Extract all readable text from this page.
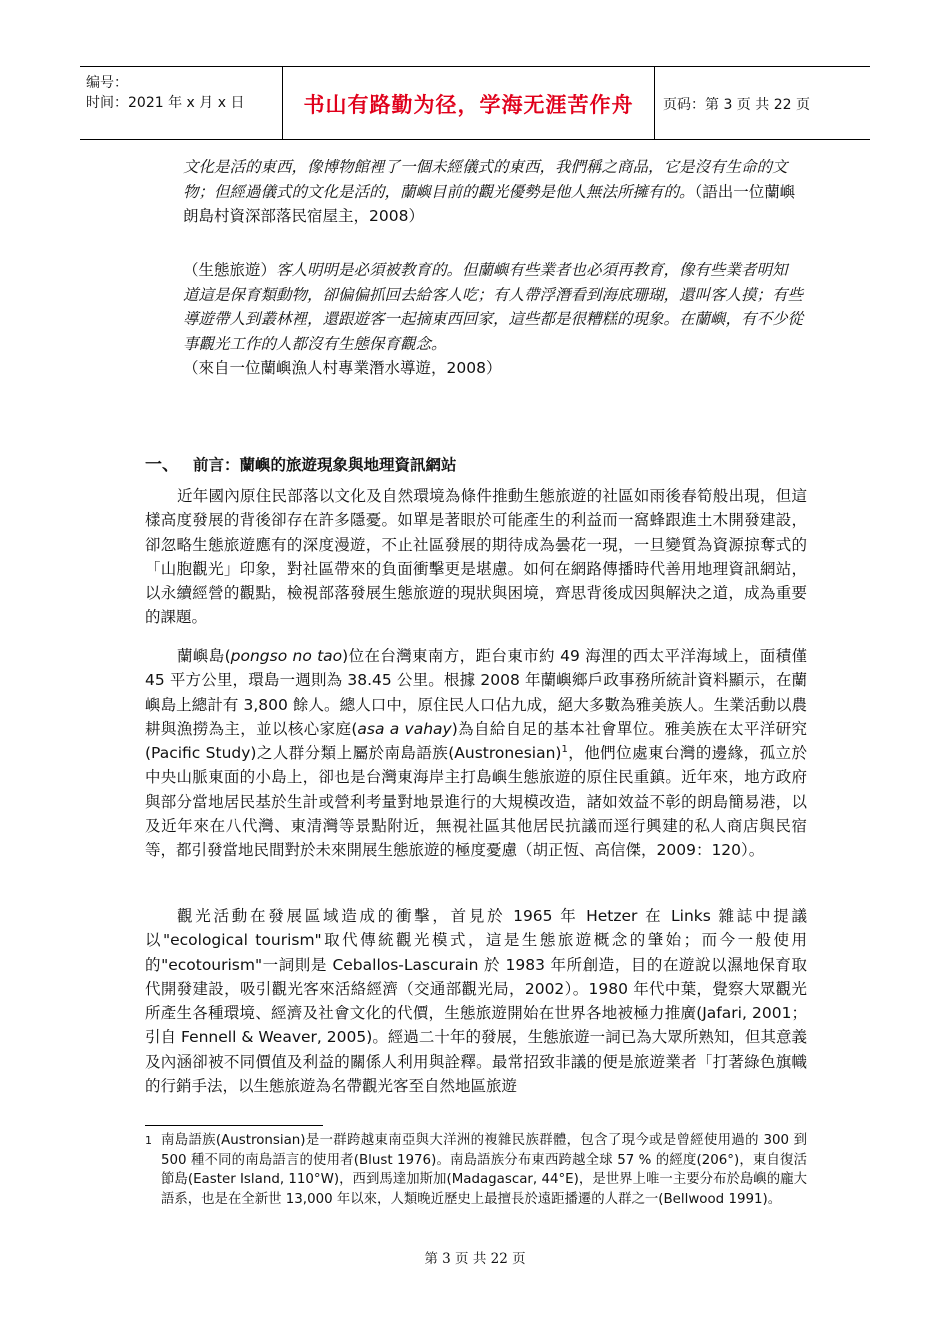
编号：
时间：2021 年 x 月 x 日	书山有路勤为径，学海无涯苦作舟	页码：第 3 页 共 22 页
文化是活的東西，像博物館裡了一個未經儀式的東西，我們稱之商品，它是沒有生命的文物；但經過儀式的文化是活的，蘭嶼目前的觀光優勢是他人無法所擁有的。（語出一位蘭嶼朗島村資深部落民宿屋主，2008）
（生態旅遊）客人明明是必須被教育的。但蘭嶼有些業者也必須再教育，像有些業者明知道這是保育類動物，卻偏偏抓回去給客人吃；有人帶浮潛看到海底珊瑚，還叫客人摸；有些導遊帶人到叢林裡，還跟遊客一起摘東西回家，這些都是很糟糕的現象。在蘭嶼，有不少從事觀光工作的人都沒有生態保育觀念。
（來自一位蘭嶼漁人村專業潛水導遊，2008）
一、 前言：蘭嶼的旅遊現象與地理資訊網站

近年國內原住民部落以文化及自然環境為條件推動生態旅遊的社區如雨後春筍般出現，但這樣高度發展的背後卻存在許多隱憂。如單是著眼於可能產生的利益而一窩蜂跟進土木開發建設，卻忽略生態旅遊應有的深度漫遊，不止社區發展的期待成為曇花一現，一旦變質為資源掠奪式的「山胞觀光」印象，對社區帶來的負面衝擊更是堪慮。如何在網路傳播時代善用地理資訊網站，以永續經營的觀點，檢視部落發展生態旅遊的現狀與困境，齊思背後成因與解決之道，成為重要的課題。

蘭嶼島(pongso no tao)位在台灣東南方，距台東市約 49 海浬的西太平洋海域上，面積僅 45 平方公里，環島一週則為 38.45 公里。根據 2008 年蘭嶼鄉戶政事務所統計資料顯示，在蘭嶼島上總計有 3,800 餘人。總人口中，原住民人口佔九成，絕大多數為雅美族人。生業活動以農耕與漁撈為主，並以核心家庭(asa a vahay)為自給自足的基本社會單位。雅美族在太平洋研究(Pacific Study)之人群分類上屬於南島語族(Austronesian)$^1$，他們位處東台灣的邊緣，孤立於中央山脈東面的小島上，卻也是台灣東海岸主打島嶼生態旅遊的原住民重鎮。近年來，地方政府與部分當地居民基於生計或營利考量對地景進行的大規模改造，諸如效益不彰的朗島簡易港，以及近年來在八代灣、東清灣等景點附近，無視社區其他居民抗議而逕行興建的私人商店與民宿等，都引發當地民間對於未來開展生態旅遊的極度憂慮（胡正恆、高信傑，2009：120）。

觀光活動在發展區域造成的衝擊，首見於 1965 年 Hetzer 在 Links 雜誌中提議以"ecological tourism"取代傳統觀光模式，這是生態旅遊概念的肇始；而今一般使用的"ecotourism"一詞則是 Ceballos-Lascurain 於 1983 年所創造，目的在遊說以濕地保育取代開發建設，吸引觀光客來活絡經濟（交通部觀光局，2002）。1980 年代中葉，覺察大眾觀光所產生各種環境、經濟及社會文化的代價，生態旅遊開始在世界各地被極力推廣(Jafari, 2001；引自 Fennell & Weaver, 2005)。經過二十年的發展，生態旅遊一詞已為大眾所熟知，但其意義及內涵卻被不同價值及利益的關係人利用與詮釋。最常招致非議的便是旅遊業者「打著綠色旗幟的行銷手法，以生態旅遊為名帶觀光客至自然地區旅遊

1 南島語族(Austronsian)是一群跨越東南亞與大洋洲的複雜民族群體，包含了現今或是曾經使用過的 300 到 500 種不同的南島語言的使用者(Blust 1976)。南島語族分布東西跨越全球 57 % 的經度(206°)，東自復活節島(Easter Island, 110°W)，西到馬達加斯加(Madagascar, 44°E)，是世界上唯一主要分布於島嶼的龐大語系，也是在全新世 13,000 年以來，人類晚近歷史上最擅長於遠距播遷的人群之一(Bellwood 1991)。
第 3 页 共 22 页
